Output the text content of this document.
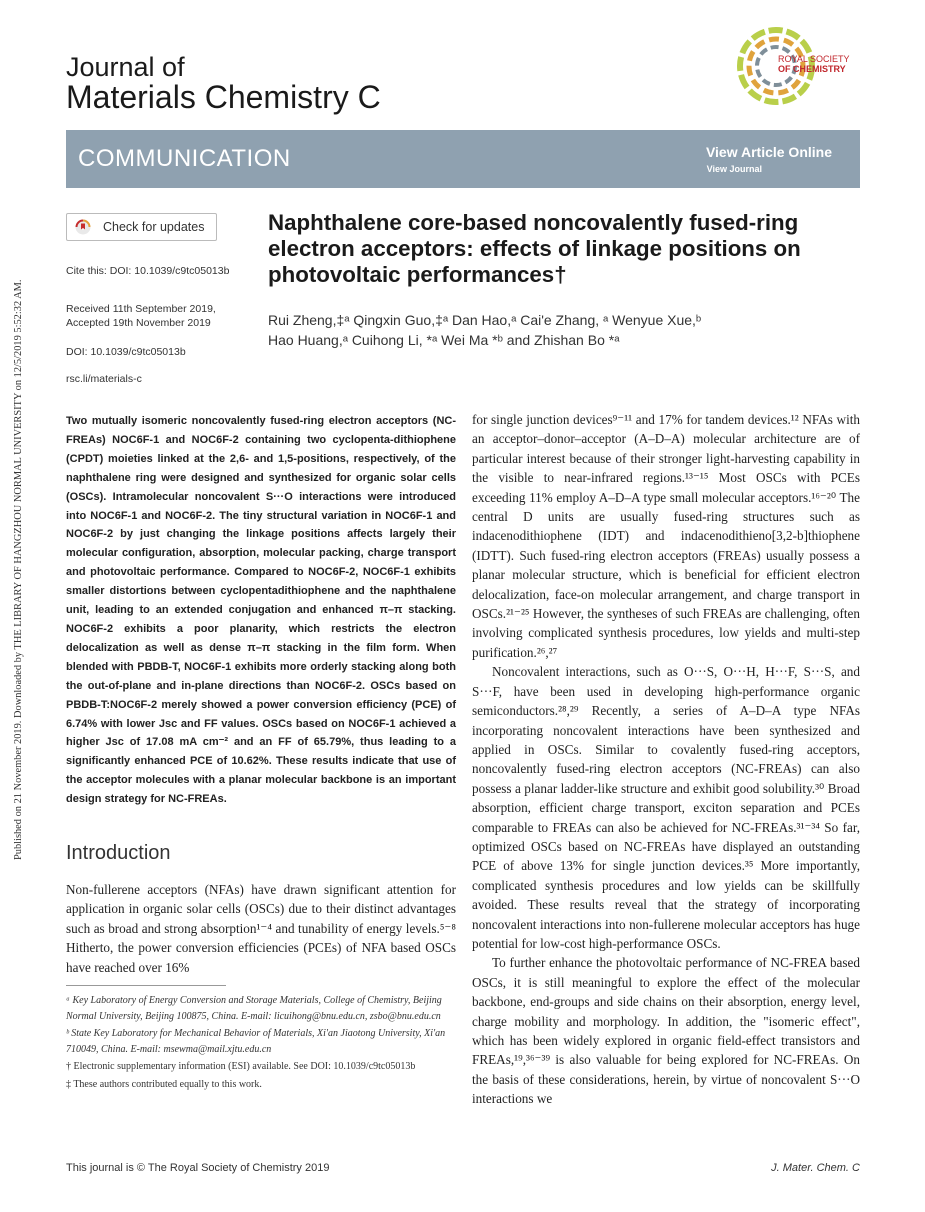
Published on 21 November 2019. Downloaded by THE LIBRARY OF HANGZHOU NORMAL UNIVERSITY on 12/5/2019 5:52:32 AM.
Journal of
Materials Chemistry C
ROYAL SOCIETY
OF CHEMISTRY
COMMUNICATION	View Article Online
View Journal
Check for updates
Cite this: DOI: 10.1039/c9tc05013b
Received 11th September 2019,
Accepted 19th November 2019
DOI: 10.1039/c9tc05013b
rsc.li/materials-c
Naphthalene core-based noncovalently fused-ring electron acceptors: effects of linkage positions on photovoltaic performances†
Rui Zheng,‡ᵃ Qingxin Guo,‡ᵃ Dan Hao,ᵃ Cai'e Zhang, ᵃ Wenyue Xue,ᵇ
Hao Huang,ᵃ Cuihong Li, *ᵃ Wei Ma *ᵇ and Zhishan Bo *ᵃ
Two mutually isomeric noncovalently fused-ring electron acceptors (NC-FREAs) NOC6F-1 and NOC6F-2 containing two cyclopenta-dithiophene (CPDT) moieties linked at the 2,6- and 1,5-positions, respectively, of the naphthalene ring were designed and synthesized for organic solar cells (OSCs). Intramolecular noncovalent S···O interactions were introduced into NOC6F-1 and NOC6F-2. The tiny structural variation in NOC6F-1 and NOC6F-2 by just changing the linkage positions affects largely their molecular configuration, absorption, molecular packing, charge transport and photovoltaic performance. Compared to NOC6F-2, NOC6F-1 exhibits smaller distortions between cyclopentadithiophene and the naphthalene unit, leading to an extended conjugation and enhanced π–π stacking. NOC6F-2 exhibits a poor planarity, which restricts the electron delocalization as well as dense π–π stacking in the film form. When blended with PBDB-T, NOC6F-1 exhibits more orderly stacking along both the out-of-plane and in-plane directions than NOC6F-2. OSCs based on PBDB-T:NOC6F-2 merely showed a power conversion efficiency (PCE) of 6.74% with lower Jsc and FF values. OSCs based on NOC6F-1 achieved a higher Jsc of 17.08 mA cm⁻² and an FF of 65.79%, thus leading to a significantly enhanced PCE of 10.62%. These results indicate that use of the acceptor molecules with a planar molecular backbone is an important design strategy for NC-FREAs.
Introduction
Non-fullerene acceptors (NFAs) have drawn significant attention for application in organic solar cells (OSCs) due to their distinct advantages such as broad and strong absorption¹⁻⁴ and tunability of energy levels.⁵⁻⁸ Hitherto, the power conversion efficiencies (PCEs) of NFA based OSCs have reached over 16%

ᵃ Key Laboratory of Energy Conversion and Storage Materials, College of Chemistry, Beijing Normal University, Beijing 100875, China. E-mail: licuihong@bnu.edu.cn, zsbo@bnu.edu.cn

ᵇ State Key Laboratory for Mechanical Behavior of Materials, Xi'an Jiaotong University, Xi'an 710049, China. E-mail: msewma@mail.xjtu.edu.cn

† Electronic supplementary information (ESI) available. See DOI: 10.1039/c9tc05013b

‡ These authors contributed equally to this work.

for single junction devices⁹⁻¹¹ and 17% for tandem devices.¹² NFAs with an acceptor–donor–acceptor (A–D–A) molecular architecture are of particular interest because of their stronger light-harvesting capability in the visible to near-infrared regions.¹³⁻¹⁵ Most OSCs with PCEs exceeding 11% employ A–D–A type small molecular acceptors.¹⁶⁻²⁰ The central D units are usually fused-ring structures such as indacenodithiophene (IDT) and indacenodithieno[3,2-b]thiophene (IDTT). Such fused-ring electron acceptors (FREAs) usually possess a planar molecular structure, which is beneficial for efficient electron delocalization, face-on molecular arrangement, and charge transport in OSCs.²¹⁻²⁵ However, the syntheses of such FREAs are challenging, often involving complicated synthesis procedures, low yields and multi-step purification.²⁶,²⁷

Noncovalent interactions, such as O···S, O···H, H···F, S···S, and S···F, have been used in developing high-performance organic semiconductors.²⁸,²⁹ Recently, a series of A–D–A type NFAs incorporating noncovalent interactions have been synthesized and applied in OSCs. Similar to covalently fused-ring acceptors, noncovalently fused-ring electron acceptors (NC-FREAs) can also possess a planar ladder-like structure and exhibit good solubility.³⁰ Broad absorption, efficient charge transport, exciton separation and PCEs comparable to FREAs can also be achieved for NC-FREAs.³¹⁻³⁴ So far, optimized OSCs based on NC-FREAs have displayed an outstanding PCE of above 13% for single junction devices.³⁵ More importantly, complicated synthesis procedures and low yields can be skillfully avoided. These results reveal that the strategy of incorporating noncovalent interactions into non-fullerene molecular acceptors has huge potential for low-cost high-performance OSCs.

To further enhance the photovoltaic performance of NC-FREA based OSCs, it is still meaningful to explore the effect of the molecular backbone, end-groups and side chains on their absorption, energy level, charge mobility and morphology. In addition, the "isomeric effect", which has been widely explored in organic field-effect transistors and FREAs,¹⁹,³⁶⁻³⁹ is also valuable for being explored for NC-FREAs. On the basis of these considerations, herein, by virtue of noncovalent S···O interactions we

This journal is © The Royal Society of Chemistry 2019	J. Mater. Chem. C
